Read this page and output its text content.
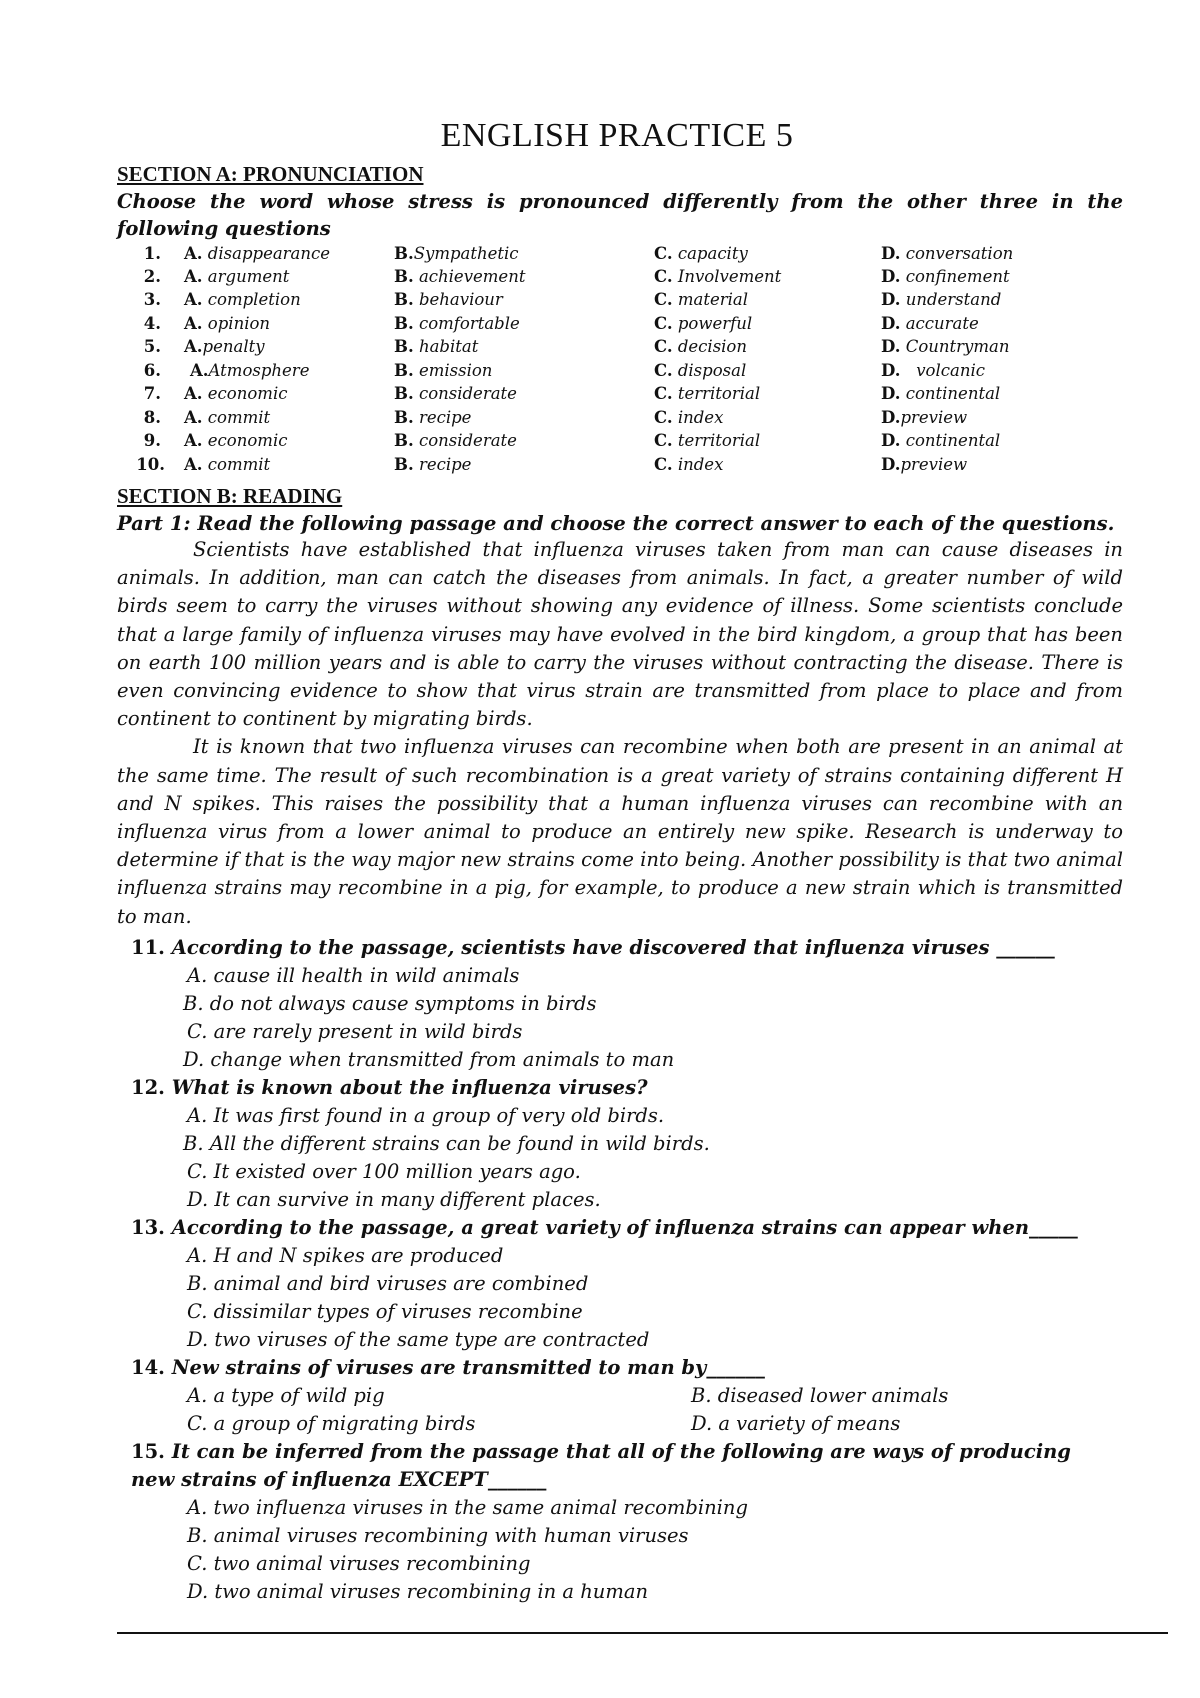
ENGLISH PRACTICE 5
SECTION A: PRONUNCIATION
Choose the word whose stress is pronounced differently from the other three in the following questions
1. A. disappearance	B.Sympathetic	C. capacity	D. conversation
2. A. argument	B. achievement	C. Involvement	D. confinement
3. A. completion	B. behaviour	C. material	D. understand
4. A. opinion	B. comfortable	C. powerful	D. accurate
5. A.penalty	B. habitat	C. decision	D. Countryman
6. A.Atmosphere	B. emission	C. disposal	D. volcanic
7. A. economic	B. considerate	C. territorial	D. continental
8. A. commit	B. recipe	C. index	D.preview
9. A. economic	B. considerate	C. territorial	D. continental
10. A. commit	B. recipe	C. index	D.preview
SECTION B: READING
Part 1: Read the following passage and choose the correct answer to each of the questions.

Scientists have established that influenza viruses taken from man can cause diseases in animals. In addition, man can catch the diseases from animals. In fact, a greater number of wild birds seem to carry the viruses without showing any evidence of illness. Some scientists conclude that a large family of influenza viruses may have evolved in the bird kingdom, a group that has been on earth 100 million years and is able to carry the viruses without contracting the disease. There is even convincing evidence to show that virus strain are transmitted from place to place and from continent to continent by migrating birds.

It is known that two influenza viruses can recombine when both are present in an animal at the same time. The result of such recombination is a great variety of strains containing different H and N spikes. This raises the possibility that a human influenza viruses can recombine with an influenza virus from a lower animal to produce an entirely new spike. Research is underway to determine if that is the way major new strains come into being. Another possibility is that two animal influenza strains may recombine in a pig, for example, to produce a new strain which is transmitted to man.

11. According to the passage, scientists have discovered that influenza viruses ______
A. cause ill health in wild animals
B. do not always cause symptoms in birds
C. are rarely present in wild birds
D. change when transmitted from animals to man
12. What is known about the influenza viruses?
A. It was first found in a group of very old birds.
B. All the different strains can be found in wild birds.
C. It existed over 100 million years ago.
D. It can survive in many different places.
13. According to the passage, a great variety of influenza strains can appear when_____
A. H and N spikes are produced
B. animal and bird viruses are combined
C. dissimilar types of viruses recombine
D. two viruses of the same type are contracted
14. New strains of viruses are transmitted to man by______
A. a type of wild pig	B. diseased lower animals
C. a group of migrating birds	D. a variety of means
15. It can be inferred from the passage that all of the following are ways of producing new strains of influenza EXCEPT______
A. two influenza viruses in the same animal recombining
B. animal viruses recombining with human viruses
C. two animal viruses recombining
D. two animal viruses recombining in a human
